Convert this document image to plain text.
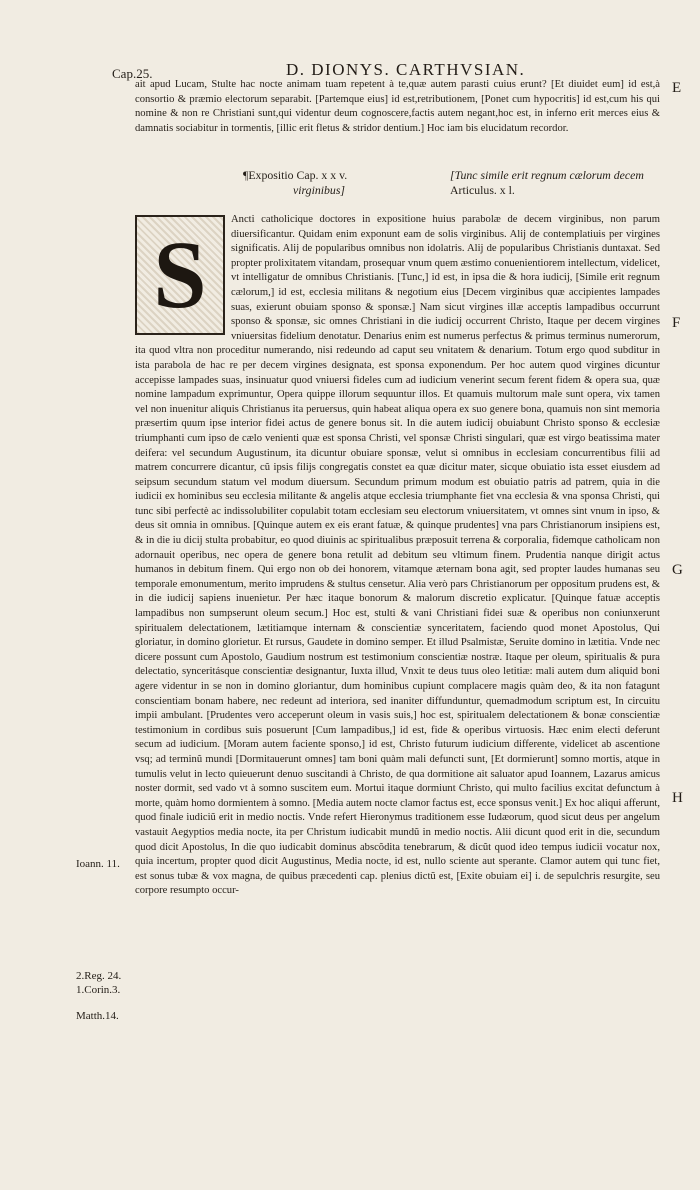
Cap.25.	D. DIONYS. CARTHVSIAN.

ait apud Lucam, Stulte hac nocte animam tuam repetent à te,quæ autem parasti cuius erunt? [Et diuidet eum] id est,à consortio & præmio electorum separabit. [Partemque eius] id est,retributionem, [Ponet cum hypocritis] id est,cum his qui nomine & non re Christiani sunt,qui videntur deum cognoscere,factis autem negant,hoc est, in inferno erit merces eius & damnatis sociabitur in tormentis, [illic erit fletus & stridor dentium.] Hoc iam bis elucidatum recordor.

¶Expositio Cap. x x v.
virginibus]
[Tunc simile erit regnum cælorum decem
Articulus. x l.
S

Ancti catholicique doctores in expositione huius parabolæ de decem virginibus, non parum diuersificantur. Quidam enim exponunt eam de solis virginibus. Alij de contemplatiuis per virgines significatis. Alij de popularibus omnibus non idolatris. Alij de popularibus Christianis duntaxat. Sed propter prolixitatem vitandam, prosequar vnum quem æstimo conuenientiorem intellectum, videlicet, vt intelligatur de omnibus Christianis. [Tunc,] id est, in ipsa die & hora iudicij, [Simile erit regnum cælorum,] id est, ecclesia militans & negotium eius [Decem virginibus quæ accipientes lampades suas, exierunt obuiam sponso & sponsæ.] Nam sicut virgines illæ acceptis lampadibus occurrunt sponso & sponsæ, sic omnes Christiani in die iudicij occurrent Christo, Itaque per decem virgines vniuersitas fidelium denotatur. Denarius enim est numerus perfectus & primus terminus numerorum, ita quod vltra non proceditur numerando, nisi redeundo ad caput seu vnitatem & denarium. Totum ergo quod subditur in ista parabola de hac re per decem virgines designata, est sponsa exponendum. Per hoc autem quod virgines dicuntur accepisse lampades suas, insinuatur quod vniuersi fideles cum ad iudicium venerint secum ferent fidem & opera sua, quæ nomine lampadum exprimuntur, Opera quippe illorum sequuntur illos. Et quamuis multorum male sunt opera, vix tamen vel non inuenitur aliquis Christianus ita peruersus, quin habeat aliqua opera ex suo genere bona, quamuis non sint memoria præsertim quum ipse interior fidei actus de genere bonus sit. In die autem iudicij obuiabunt Christo sponso & ecclesiæ triumphanti cum ipso de cælo venienti quæ est sponsa Christi, vel sponsæ Christi singulari, quæ est virgo beatissima mater deifera: vel secundum Augustinum, ita dicuntur obuiare sponsæ, velut si omnibus in ecclesiam concurrentibus filii ad matrem concurrere dicantur, cũ ipsis filijs congregatis constet ea quæ dicitur mater, sicque obuiatio ista esset eiusdem ad seipsum secundum statum vel modum diuersum. Secundum primum modum est obuiatio patris ad patrem, quia in die iudicii ex hominibus seu ecclesia militante & angelis atque ecclesia triumphante fiet vna ecclesia & vna sponsa Christi, qui tunc sibi perfectè ac indissolubiliter copulabit totam ecclesiam seu electorum vniuersitatem, vt omnes sint vnum in ipso, & deus sit omnia in omnibus. [Quinque autem ex eis erant fatuæ, & quinque prudentes] vna pars Christianorum insipiens est, & in die iu dicij stulta probabitur, eo quod diuinis ac spiritualibus præposuit terrena & corporalia, fidemque catholicam non adornauit operibus, nec opera de genere bona retulit ad debitum seu vltimum finem. Prudentia nanque dirigit actus humanos in debitum finem. Qui ergo non ob dei honorem, vitamque æternam bona agit, sed propter laudes humanas seu temporale emonumentum, merito imprudens & stultus censetur. Alia verò pars Christianorum per oppositum prudens est, & in die iudicij sapiens inuenietur. Per hæc itaque bonorum & malorum discretio explicatur. [Quinque fatuæ acceptis lampadibus non sumpserunt oleum secum.] Hoc est, stulti & vani Christiani fidei suæ & operibus non coniunxerunt spiritualem delectationem, lætitiamque internam & conscientiæ synceritatem, faciendo quod monet Apostolus, Qui gloriatur, in domino glorietur. Et rursus, Gaudete in domino semper. Et illud Psalmistæ, Seruite domino in lætitia. Vnde nec dicere possunt cum Apostolo, Gaudium nostrum est testimonium conscientiæ nostræ. Itaque per oleum, spiritualis & pura delectatio, synceritásque conscientiæ designantur, Iuxta illud, Vnxit te deus tuus oleo letitiæ: mali autem dum aliquid boni agere videntur in se non in domino gloriantur, dum hominibus cupiunt complacere magis quàm deo, & ita non fatagunt conscientiam bonam habere, nec redeunt ad interiora, sed inaniter diffunduntur, quemadmodum scriptum est, In circuitu impii ambulant. [Prudentes vero acceperunt oleum in vasis suis,] hoc est, spiritualem delectationem & bonæ conscientiæ testimonium in cordibus suis posuerunt [Cum lampadibus,] id est, fide & operibus virtuosis. Hæc enim electi deferunt secum ad iudicium. [Moram autem faciente sponso,] id est, Christo futurum iudicium differente, videlicet ab ascentione vsq; ad terminũ mundi [Dormitauerunt omnes] tam boni quàm mali defuncti sunt, [Et dormierunt] somno mortis, atque in tumulis velut in lecto quieuerunt denuo suscitandi à Christo, de qua dormitione ait saluator apud Ioannem, Lazarus amicus noster dormit, sed vado vt à somno suscitem eum. Mortui itaque dormiunt Christo, qui multo facilius excitat defunctum à morte, quàm homo dormientem à somno. [Media autem nocte clamor factus est, ecce sponsus venit.] Ex hoc aliqui afferunt, quod finale iudiciũ erit in medio noctis. Vnde refert Hieronymus traditionem esse Iudæorum, quod sicut deus per angelum vastauit Aegyptios media nocte, ita per Christum iudicabit mundũ in medio noctis. Alii dicunt quod erit in die, secundum quod dicit Apostolus, In die quo iudicabit dominus abscõdita tenebrarum, & dicũt quod ideo tempus iudicii vocatur nox, quia incertum, propter quod dicit Augustinus, Media nocte, id est, nullo sciente aut sperante. Clamor autem qui tunc fiet, est sonus tubæ & vox magna, de quibus præcedenti cap. plenius dictũ est, [Exite obuiam ei] i. de sepulchris resurgite, seu corpore resumpto occur-

E
F
G
H
Ioann. 11.
2.Reg. 24.
1.Corin.3.
Matth.14.
